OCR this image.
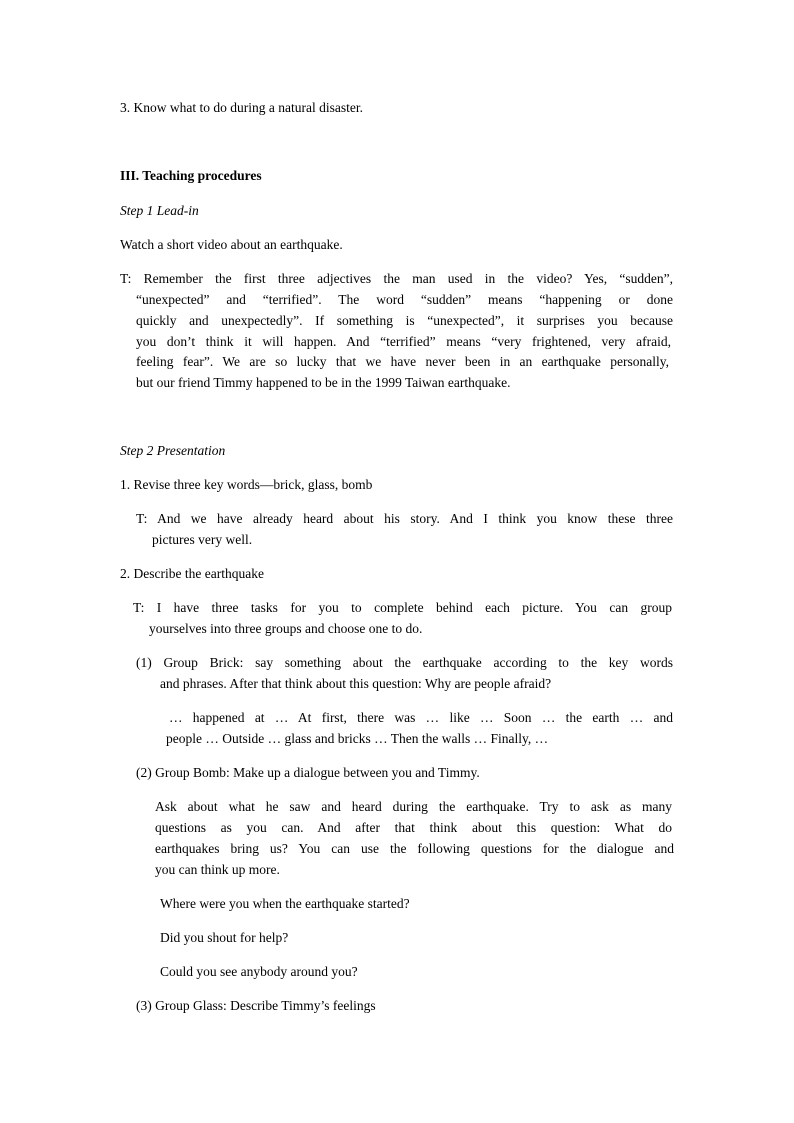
3. Know what to do during a natural disaster.
III. Teaching procedures
Step 1 Lead-in
Watch a short video about an earthquake.
T: Remember the first three adjectives the man used in the video? Yes, “sudden”,
“unexpected” and “terrified”. The word “sudden” means “happening or done
quickly and unexpectedly”. If something is “unexpected”, it surprises you because
you don’t think it will happen. And “terrified” means “very frightened, very afraid,
feeling fear”. We are so lucky that we have never been in an earthquake personally,
but our friend Timmy happened to be in the 1999 Taiwan earthquake.
Step 2 Presentation
1. Revise three key words—brick, glass, bomb
T: And we have already heard about his story. And I think you know these three
pictures very well.
2. Describe the earthquake
T: I have three tasks for you to complete behind each picture. You can group
yourselves into three groups and choose one to do.
(1) Group Brick: say something about the earthquake according to the key words
and phrases. After that think about this question: Why are people afraid?
… happened at … At first, there was … like … Soon … the earth … and
people … Outside … glass and bricks … Then the walls … Finally, …
(2) Group Bomb: Make up a dialogue between you and Timmy.
Ask about what he saw and heard during the earthquake. Try to ask as many
questions as you can. And after that think about this question: What do
earthquakes bring us? You can use the following questions for the dialogue and
you can think up more.
Where were you when the earthquake started?
Did you shout for help?
Could you see anybody around you?
(3) Group Glass: Describe Timmy’s feelings
